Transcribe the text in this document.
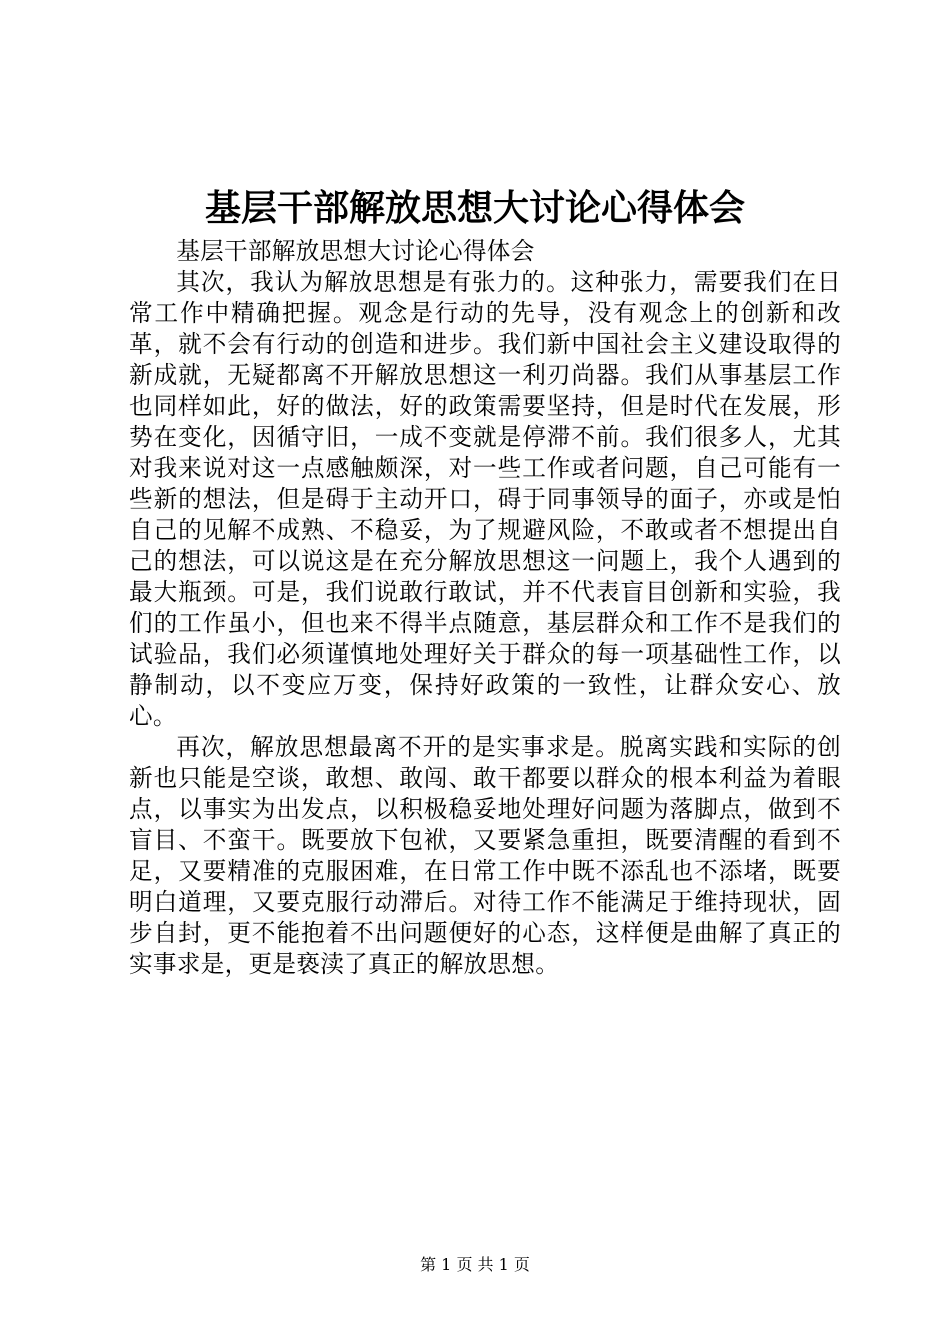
基层干部解放思想大讨论心得体会

基层干部解放思想大讨论心得体会

其次，我认为解放思想是有张力的。这种张力，需要我们在日常工作中精确把握。观念是行动的先导，没有观念上的创新和改革，就不会有行动的创造和进步。我们新中国社会主义建设取得的新成就，无疑都离不开解放思想这一利刃尚器。我们从事基层工作也同样如此，好的做法，好的政策需要坚持，但是时代在发展，形势在变化，因循守旧，一成不变就是停滞不前。我们很多人，尤其对我来说对这一点感触颇深，对一些工作或者问题，自己可能有一些新的想法，但是碍于主动开口，碍于同事领导的面子，亦或是怕自己的见解不成熟、不稳妥，为了规避风险，不敢或者不想提出自己的想法，可以说这是在充分解放思想这一问题上，我个人遇到的最大瓶颈。可是，我们说敢行敢试，并不代表盲目创新和实验，我们的工作虽小，但也来不得半点随意，基层群众和工作不是我们的试验品，我们必须谨慎地处理好关于群众的每一项基础性工作，以静制动，以不变应万变，保持好政策的一致性，让群众安心、放心。

再次，解放思想最离不开的是实事求是。脱离实践和实际的创新也只能是空谈，敢想、敢闯、敢干都要以群众的根本利益为着眼点，以事实为出发点，以积极稳妥地处理好问题为落脚点，做到不盲目、不蛮干。既要放下包袱，又要紧急重担，既要清醒的看到不足，又要精准的克服困难，在日常工作中既不添乱也不添堵，既要明白道理，又要克服行动滞后。对待工作不能满足于维持现状，固步自封，更不能抱着不出问题便好的心态，这样便是曲解了真正的实事求是，更是亵渎了真正的解放思想。

第 1 页 共 1 页
